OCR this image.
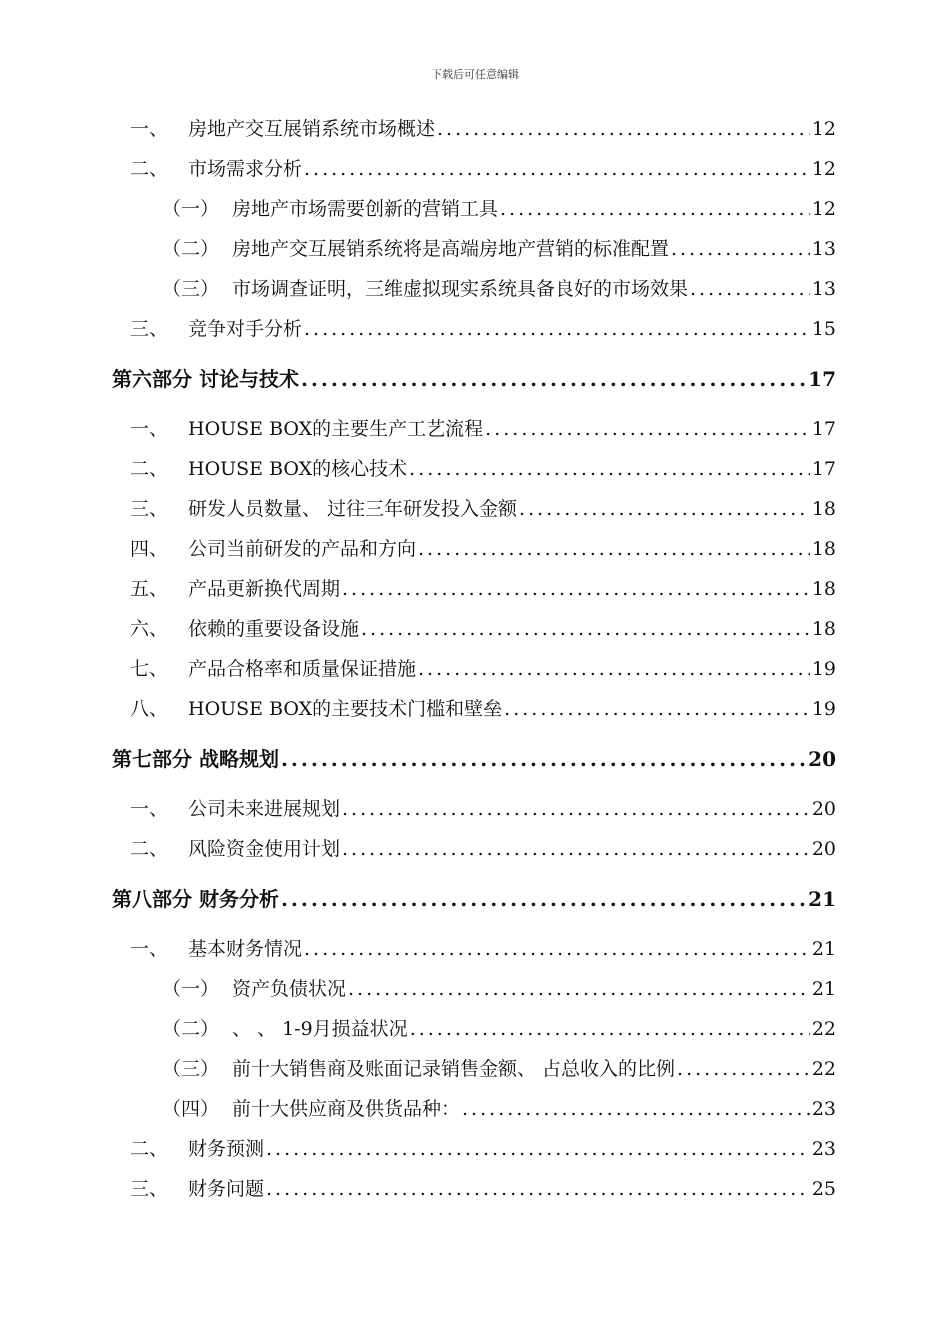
下载后可任意编辑
一、	房地产交互展销系统市场概述 .....	12
二、	市场需求分析 .....	12
（一） 房地产市场需要创新的营销工具 .....	12
（二） 房地产交互展销系统将是高端房地产营销的标准配置 .....	13
（三） 市场调查证明，三维虚拟现实系统具备良好的市场效果 .....	13
三、	竞争对手分析 .....	15
第六部分 讨论与技术 .....	17
一、	HOUSE BOX的主要生产工艺流程 .....	17
二、	HOUSE BOX的核心技术 .....	17
三、	研发人员数量、 过往三年研发投入金额 .....	18
四、	公司当前研发的产品和方向 .....	18
五、	产品更新换代周期 .....	18
六、	依赖的重要设备设施 .....	18
七、	产品合格率和质量保证措施 .....	19
八、	HOUSE BOX的主要技术门槛和壁垒 .....	19
第七部分 战略规划 .....	20
一、	公司未来进展规划 .....	20
二、	风险资金使用计划 .....	20
第八部分 财务分析 .....	21
一、	基本财务情况 .....	21
（一） 资产负债状况 .....	21
（二） 、 、 1-9月损益状况 .....	22
（三） 前十大销售商及账面记录销售金额、 占总收入的比例 .....	22
（四） 前十大供应商及供货品种： .....	23
二、	财务预测 .....	23
三、	财务问题 .....	25
